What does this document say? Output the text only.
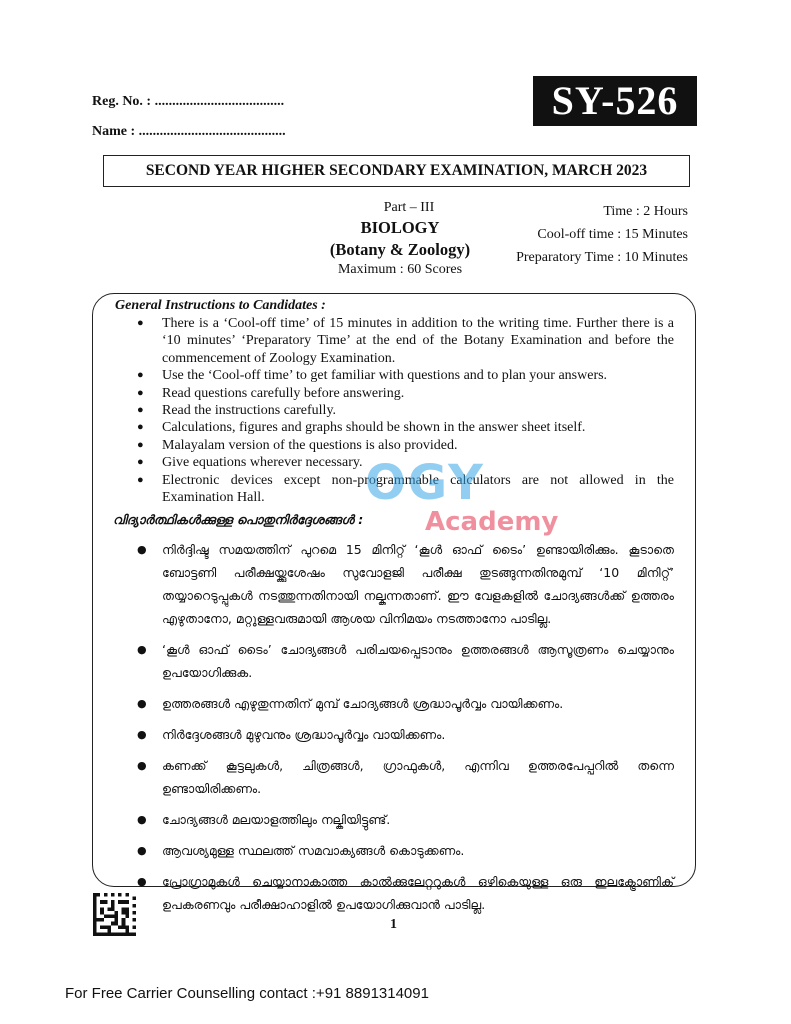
Reg. No. : .....................................
Name : ..........................................
SY-526
SECOND YEAR HIGHER SECONDARY EXAMINATION, MARCH 2023
Part – III
BIOLOGY
(Botany & Zoology)
Maximum : 60 Scores
Time : 2 Hours
Cool-off time : 15 Minutes
Preparatory Time : 10 Minutes
General Instructions to Candidates :
● There is a ‘Cool-off time’ of 15 minutes in addition to the writing time. Further there is a ‘10 minutes’ ‘Preparatory Time’ at the end of the Botany Examination and before the commencement of Zoology Examination.
● Use the ‘Cool-off time’ to get familiar with questions and to plan your answers.
● Read questions carefully before answering.
● Read the instructions carefully.
● Calculations, figures and graphs should be shown in the answer sheet itself.
● Malayalam version of the questions is also provided.
● Give equations wherever necessary.
● Electronic devices except non-programmable calculators are not allowed in the Examination Hall.
വിദ്യാർത്ഥികൾക്കുള്ള പൊതുനിർദ്ദേശങ്ങൾ :
● നിർദ്ദിഷ്ട സമയത്തിന് പുറമെ 15 മിനിറ്റ് ‘കൂൾ ഓഫ് ടൈം’ ഉണ്ടായിരിക്കും. കൂടാതെ ബോട്ടണി പരീക്ഷയ്ക്കുശേഷം സുവോളജി പരീക്ഷ തുടങ്ങുന്നതിനുമുമ്പ് ‘10 മിനിറ്റ്’ തയ്യാറെടുപ്പുകൾ നടത്തുന്നതിനായി നല്കുന്നതാണ്. ഈ വേളകളിൽ ചോദ്യങ്ങൾക്ക് ഉത്തരം എഴുതാനോ, മറ്റുള്ളവരുമായി ആശയ വിനിമയം നടത്താനോ പാടില്ല.
● ‘കൂൾ ഓഫ് ടൈം’ ചോദ്യങ്ങൾ പരിചയപ്പെടാനും ഉത്തരങ്ങൾ ആസൂത്രണം ചെയ്യാനും ഉപയോഗിക്കുക.
● ഉത്തരങ്ങൾ എഴുതുന്നതിന് മുമ്പ് ചോദ്യങ്ങൾ ശ്രദ്ധാപൂർവ്വം വായിക്കണം.
● നിർദ്ദേശങ്ങൾ മുഴുവനും ശ്രദ്ധാപൂർവ്വം വായിക്കണം.
● കണക്ക് കൂട്ടലുകൾ, ചിത്രങ്ങൾ, ഗ്രാഫുകൾ, എന്നിവ ഉത്തരപേപ്പറിൽ തന്നെ ഉണ്ടായിരിക്കണം.
● ചോദ്യങ്ങൾ മലയാളത്തിലും നല്കിയിട്ടുണ്ട്.
● ആവശ്യമുള്ള സ്ഥലത്ത് സമവാക്യങ്ങൾ കൊടുക്കണം.
● പ്രോഗ്രാമുകൾ ചെയ്യാനാകാത്ത കാൽക്കുലേറ്ററുകൾ ഒഴികെയുള്ള ഒരു ഇലക്ട്രോണിക് ഉപകരണവും പരീക്ഷാഹാളിൽ ഉപയോഗിക്കുവാൻ പാടില്ല.
OGY
Academy
1
For Free Carrier Counselling contact :+91 8891314091
